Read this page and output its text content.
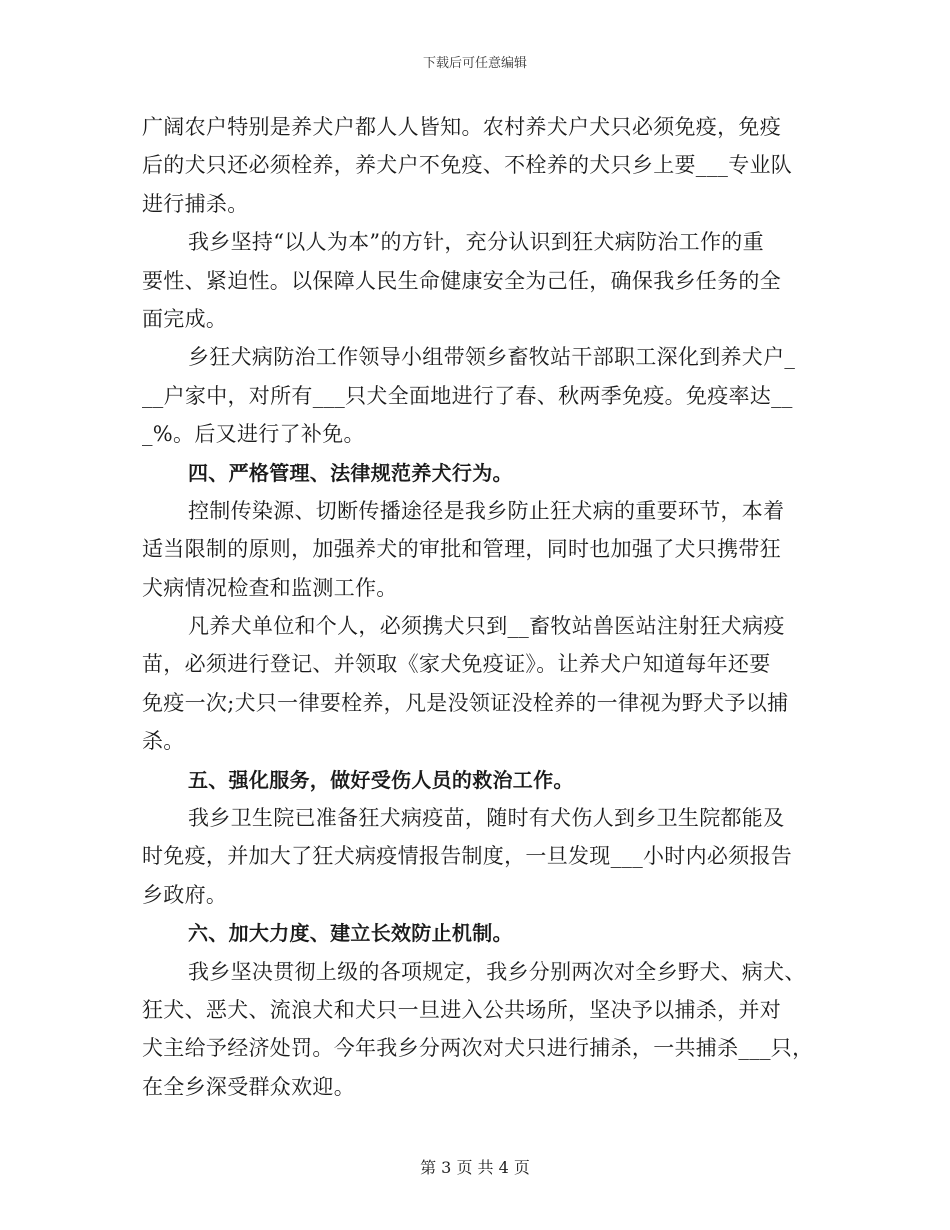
下载后可任意编辑
广阔农户特别是养犬户都人人皆知。农村养犬户犬只必须免疫，免疫
后的犬只还必须栓养，养犬户不免疫、不栓养的犬只乡上要___专业队
进行捕杀。
我乡坚持“以人为本”的方针，充分认识到狂犬病防治工作的重
要性、紧迫性。以保障人民生命健康安全为己任，确保我乡任务的全
面完成。
乡狂犬病防治工作领导小组带领乡畜牧站干部职工深化到养犬户_
__户家中，对所有___只犬全面地进行了春、秋两季免疫。免疫率达__
_%。后又进行了补免。
四、严格管理、法律规范养犬行为。
控制传染源、切断传播途径是我乡防止狂犬病的重要环节，本着
适当限制的原则，加强养犬的审批和管理，同时也加强了犬只携带狂
犬病情况检查和监测工作。
凡养犬单位和个人，必须携犬只到__畜牧站兽医站注射狂犬病疫
苗，必须进行登记、并领取《家犬免疫证》。让养犬户知道每年还要
免疫一次;犬只一律要栓养，凡是没领证没栓养的一律视为野犬予以捕
杀。
五、强化服务，做好受伤人员的救治工作。
我乡卫生院已准备狂犬病疫苗，随时有犬伤人到乡卫生院都能及
时免疫，并加大了狂犬病疫情报告制度，一旦发现___小时内必须报告
乡政府。
六、加大力度、建立长效防止机制。
我乡坚决贯彻上级的各项规定，我乡分别两次对全乡野犬、病犬、
狂犬、恶犬、流浪犬和犬只一旦进入公共场所，坚决予以捕杀，并对
犬主给予经济处罚。今年我乡分两次对犬只进行捕杀，一共捕杀___只，
在全乡深受群众欢迎。
第 3 页 共 4 页
